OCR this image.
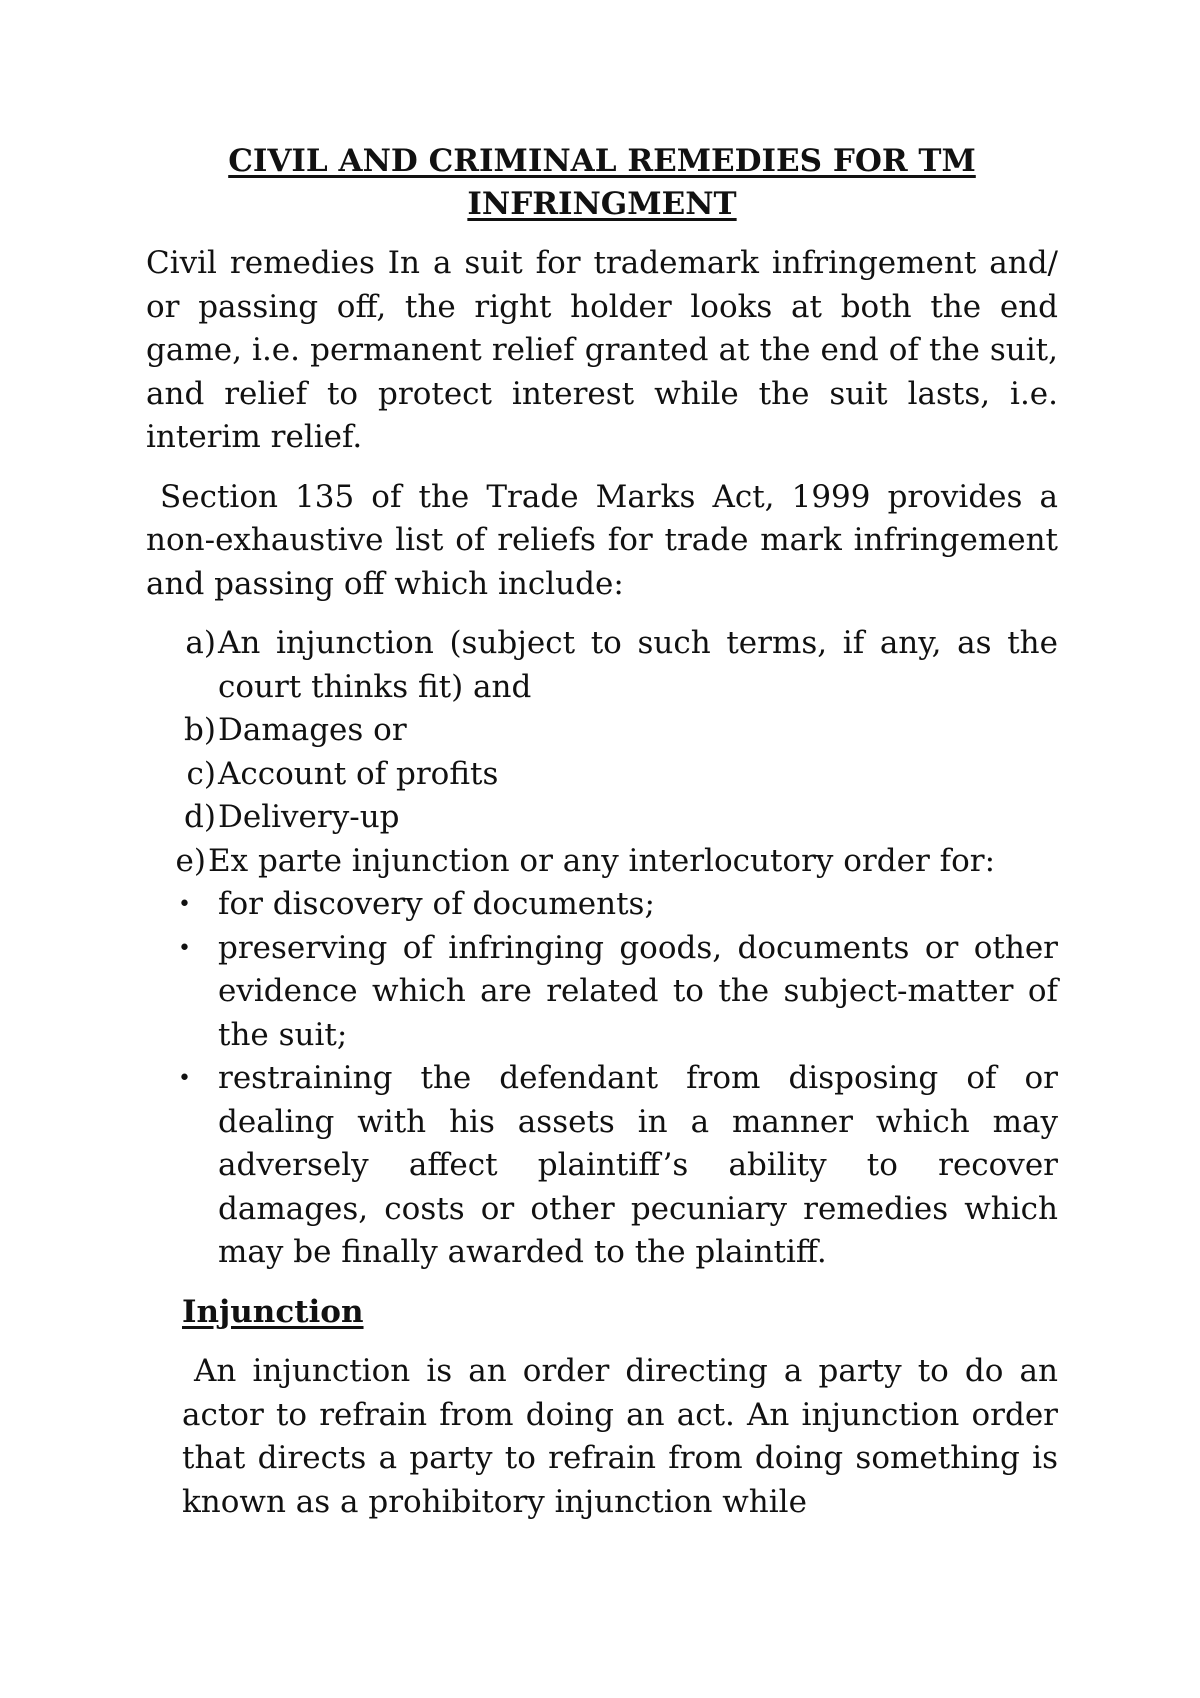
CIVIL AND CRIMINAL REMEDIES FOR TM
INFRINGMENT
Civil remedies In a suit for trademark infringement and/ or passing off, the right holder looks at both the end game, i.e. permanent relief granted at the end of the suit, and relief to protect interest while the suit lasts, i.e. interim relief.
Section 135 of the Trade Marks Act, 1999 provides a non-exhaustive list of reliefs for trade mark infringement and passing off which include:
a) An injunction (subject to such terms, if any, as the court thinks fit) and
b) Damages or
c) Account of profits
d) Delivery-up
e) Ex parte injunction or any interlocutory order for:
• for discovery of documents;
• preserving of infringing goods, documents or other evidence which are related to the subject-matter of the suit;
• restraining the defendant from disposing of or dealing with his assets in a manner which may adversely affect plaintiff’s ability to recover damages, costs or other pecuniary remedies which may be finally awarded to the plaintiff.
Injunction
An injunction is an order directing a party to do an actor to refrain from doing an act. An injunction order that directs a party to refrain from doing something is known as a prohibitory injunction while
